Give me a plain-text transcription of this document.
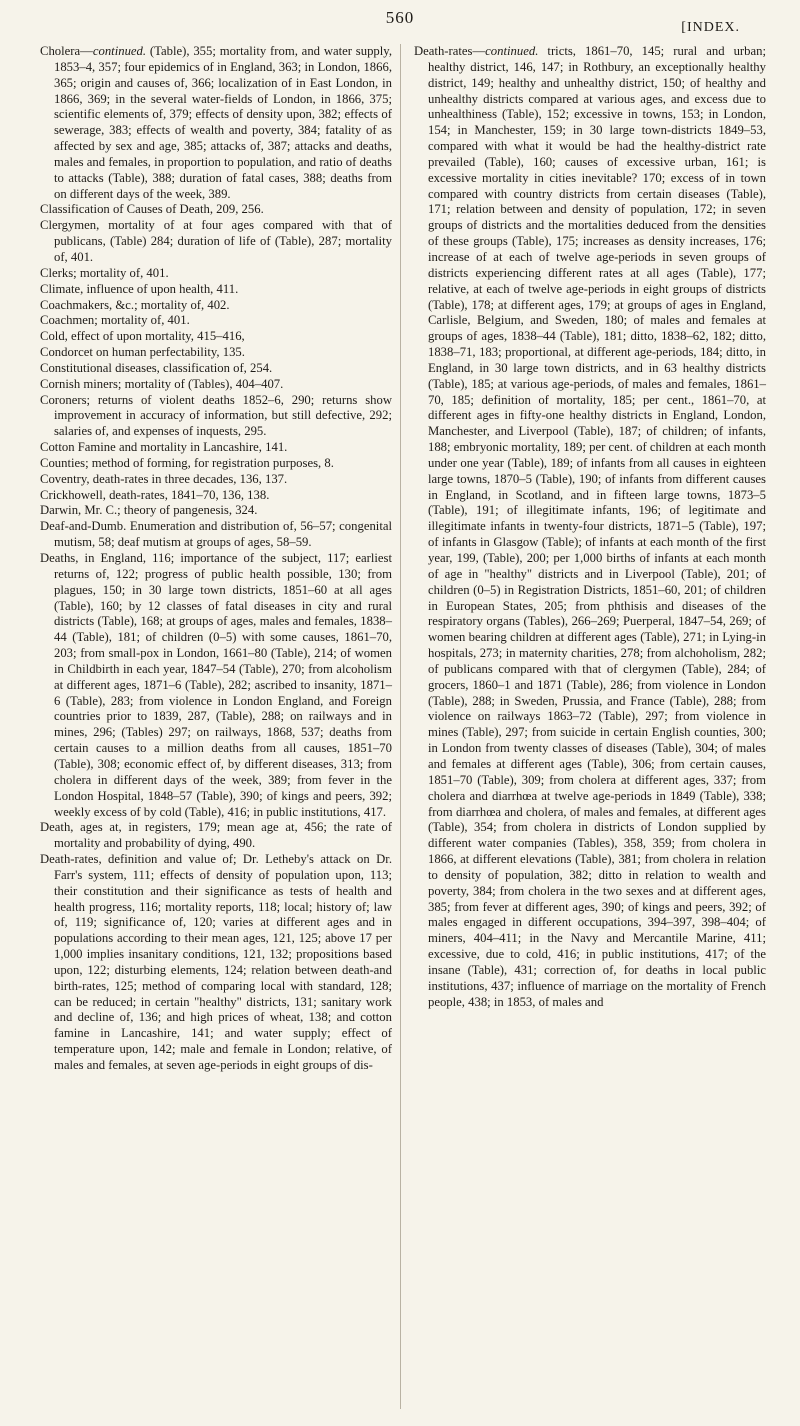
560
[INDEX.

Cholera—continued. (Table), 355; mortality from, and water supply, 1853–4, 357; four epidemics of in England, 363; in London, 1866, 365; origin and causes of, 366; localization of in East London, in 1866, 369; in the several water-fields of London, in 1866, 375; scientific elements of, 379; effects of density upon, 382; effects of sewerage, 383; effects of wealth and poverty, 384; fatality of as affected by sex and age, 385; attacks of, 387; attacks and deaths, males and females, in proportion to population, and ratio of deaths to attacks (Table), 388; duration of fatal cases, 388; deaths from on different days of the week, 389.

Classification of Causes of Death, 209, 256.

Clergymen, mortality of at four ages compared with that of publicans, (Table) 284; duration of life of (Table), 287; mortality of, 401.

Clerks; mortality of, 401.

Climate, influence of upon health, 411.

Coachmakers, &c.; mortality of, 402.

Coachmen; mortality of, 401.

Cold, effect of upon mortality, 415–416,

Condorcet on human perfectability, 135.

Constitutional diseases, classification of, 254.

Cornish miners; mortality of (Tables), 404–407.

Coroners; returns of violent deaths 1852–6, 290; returns show improvement in accuracy of information, but still defective, 292; salaries of, and expenses of inquests, 295.

Cotton Famine and mortality in Lancashire, 141.

Counties; method of forming, for registration purposes, 8.

Coventry, death-rates in three decades, 136, 137.

Crickhowell, death-rates, 1841–70, 136, 138.

Darwin, Mr. C.; theory of pangenesis, 324.

Deaf-and-Dumb. Enumeration and distribution of, 56–57; congenital mutism, 58; deaf mutism at groups of ages, 58–59.

Deaths, in England, 116; importance of the subject, 117; earliest returns of, 122; progress of public health possible, 130; from plagues, 150; in 30 large town districts, 1851–60 at all ages (Table), 160; by 12 classes of fatal diseases in city and rural districts (Table), 168; at groups of ages, males and females, 1838–44 (Table), 181; of children (0–5) with some causes, 1861–70, 203; from small-pox in London, 1661–80 (Table), 214; of women in Childbirth in each year, 1847–54 (Table), 270; from alcoholism at different ages, 1871–6 (Table), 282; ascribed to insanity, 1871–6 (Table), 283; from violence in London England, and Foreign countries prior to 1839, 287, (Table), 288; on railways and in mines, 296; (Tables) 297; on railways, 1868, 537; deaths from certain causes to a million deaths from all causes, 1851–70 (Table), 308; economic effect of, by different diseases, 313; from cholera in different days of the week, 389; from fever in the London Hospital, 1848–57 (Table), 390; of kings and peers, 392; weekly excess of by cold (Table), 416; in public institutions, 417.

Death, ages at, in registers, 179; mean age at, 456; the rate of mortality and probability of dying, 490.

Death-rates, definition and value of; Dr. Letheby's attack on Dr. Farr's system, 111; effects of density of population upon, 113; their constitution and their significance as tests of health and health progress, 116; mortality reports, 118; local; history of; law of, 119; significance of, 120; varies at different ages and in populations according to their mean ages, 121, 125; above 17 per 1,000 implies insanitary conditions, 121, 132; propositions based upon, 122; disturbing elements, 124; relation between death-and birth-rates, 125; method of comparing local with standard, 128; can be reduced; in certain "healthy" districts, 131; sanitary work and decline of, 136; and high prices of wheat, 138; and cotton famine in Lancashire, 141; and water supply; effect of temperature upon, 142; male and female in London; relative, of males and females, at seven age-periods in eight groups of dis-

Death-rates—continued. tricts, 1861–70, 145; rural and urban; healthy district, 146, 147; in Rothbury, an exceptionally healthy district, 149; healthy and unhealthy district, 150; of healthy and unhealthy districts compared at various ages, and excess due to unhealthiness (Table), 152; excessive in towns, 153; in London, 154; in Manchester, 159; in 30 large town-districts 1849–53, compared with what it would be had the healthy-district rate prevailed (Table), 160; causes of excessive urban, 161; is excessive mortality in cities inevitable? 170; excess of in town compared with country districts from certain diseases (Table), 171; relation between and density of population, 172; in seven groups of districts and the mortalities deduced from the densities of these groups (Table), 175; increases as density increases, 176; increase of at each of twelve age-periods in seven groups of districts experiencing different rates at all ages (Table), 177; relative, at each of twelve age-periods in eight groups of districts (Table), 178; at different ages, 179; at groups of ages in England, Carlisle, Belgium, and Sweden, 180; of males and females at groups of ages, 1838–44 (Table), 181; ditto, 1838–62, 182; ditto, 1838–71, 183; proportional, at different age-periods, 184; ditto, in England, in 30 large town districts, and in 63 healthy districts (Table), 185; at various age-periods, of males and females, 1861–70, 185; definition of mortality, 185; per cent., 1861–70, at different ages in fifty-one healthy districts in England, London, Manchester, and Liverpool (Table), 187; of children; of infants, 188; embryonic mortality, 189; per cent. of children at each month under one year (Table), 189; of infants from all causes in eighteen large towns, 1870–5 (Table), 190; of infants from different causes in England, in Scotland, and in fifteen large towns, 1873–5 (Table), 191; of illegitimate infants, 196; of legitimate and illegitimate infants in twenty-four districts, 1871–5 (Table), 197; of infants in Glasgow (Table); of infants at each month of the first year, 199, (Table), 200; per 1,000 births of infants at each month of age in "healthy" districts and in Liverpool (Table), 201; of children (0–5) in Registration Districts, 1851–60, 201; of children in European States, 205; from phthisis and diseases of the respiratory organs (Tables), 266–269; Puerperal, 1847–54, 269; of women bearing children at different ages (Table), 271; in Lying-in hospitals, 273; in maternity charities, 278; from alchoholism, 282; of publicans compared with that of clergymen (Table), 284; of grocers, 1860–1 and 1871 (Table), 286; from violence in London (Table), 288; in Sweden, Prussia, and France (Table), 288; from violence on railways 1863–72 (Table), 297; from violence in mines (Table), 297; from suicide in certain English counties, 300; in London from twenty classes of diseases (Table), 304; of males and females at different ages (Table), 306; from certain causes, 1851–70 (Table), 309; from cholera at different ages, 337; from cholera and diarrhœa at twelve age-periods in 1849 (Table), 338; from diarrhœa and cholera, of males and females, at different ages (Table), 354; from cholera in districts of London supplied by different water companies (Tables), 358, 359; from cholera in 1866, at different elevations (Table), 381; from cholera in relation to density of population, 382; ditto in relation to wealth and poverty, 384; from cholera in the two sexes and at different ages, 385; from fever at different ages, 390; of kings and peers, 392; of males engaged in different occupations, 394–397, 398–404; of miners, 404–411; in the Navy and Mercantile Marine, 411; excessive, due to cold, 416; in public institutions, 417; of the insane (Table), 431; correction of, for deaths in local public institutions, 437; influence of marriage on the mortality of French people, 438; in 1853, of males and
